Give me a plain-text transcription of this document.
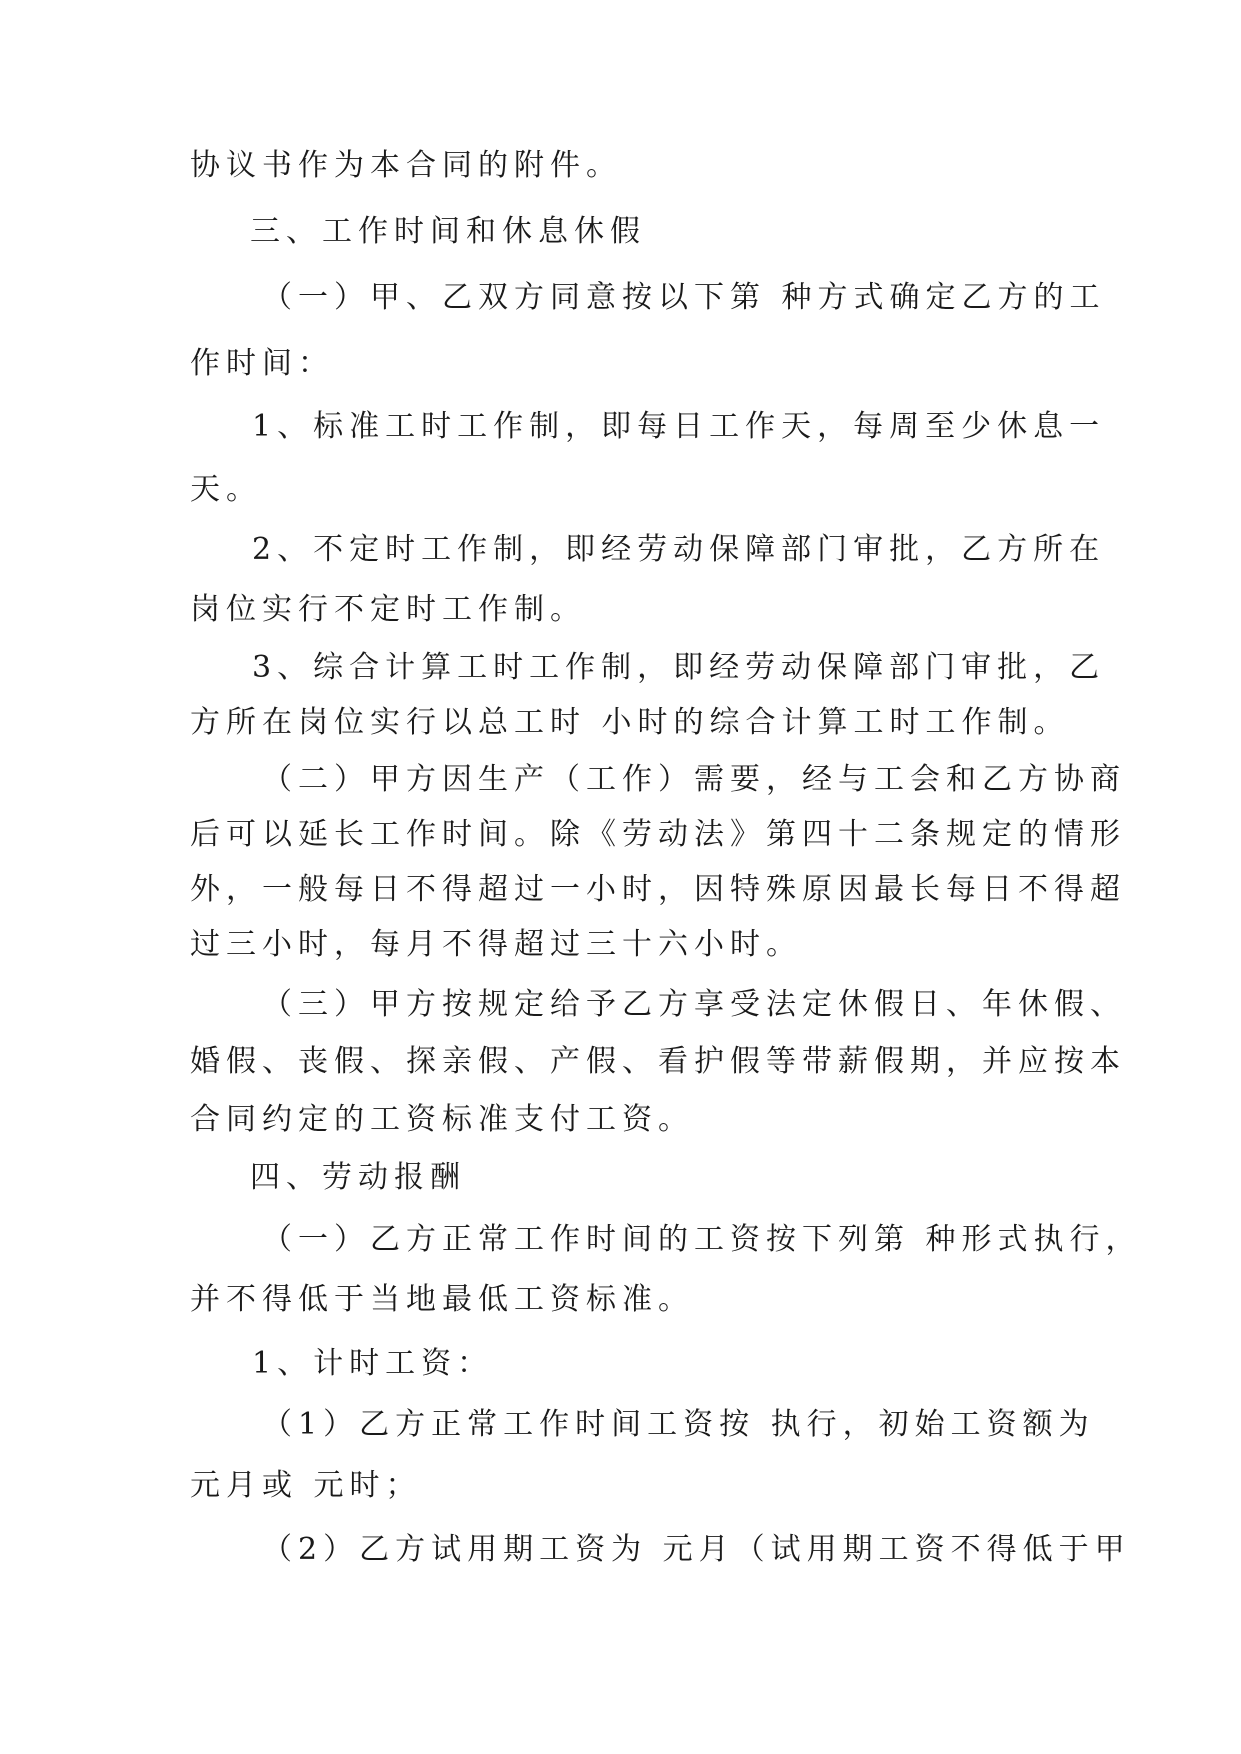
协议书作为本合同的附件。

三、工作时间和休息休假

（一）甲、乙双方同意按以下第 种方式确定乙方的工

作时间：

1、标准工时工作制，即每日工作天，每周至少休息一

天。

2、不定时工作制，即经劳动保障部门审批，乙方所在

岗位实行不定时工作制。

3、综合计算工时工作制，即经劳动保障部门审批，乙

方所在岗位实行以总工时 小时的综合计算工时工作制。

（二）甲方因生产（工作）需要，经与工会和乙方协商

后可以延长工作时间。除《劳动法》第四十二条规定的情形

外，一般每日不得超过一小时，因特殊原因最长每日不得超

过三小时，每月不得超过三十六小时。

（三）甲方按规定给予乙方享受法定休假日、年休假、

婚假、丧假、探亲假、产假、看护假等带薪假期，并应按本

合同约定的工资标准支付工资。

四、劳动报酬

（一）乙方正常工作时间的工资按下列第 种形式执行，

并不得低于当地最低工资标准。

1、计时工资：

（1）乙方正常工作时间工资按 执行，初始工资额为

元月或 元时；

（2）乙方试用期工资为 元月（试用期工资不得低于甲
